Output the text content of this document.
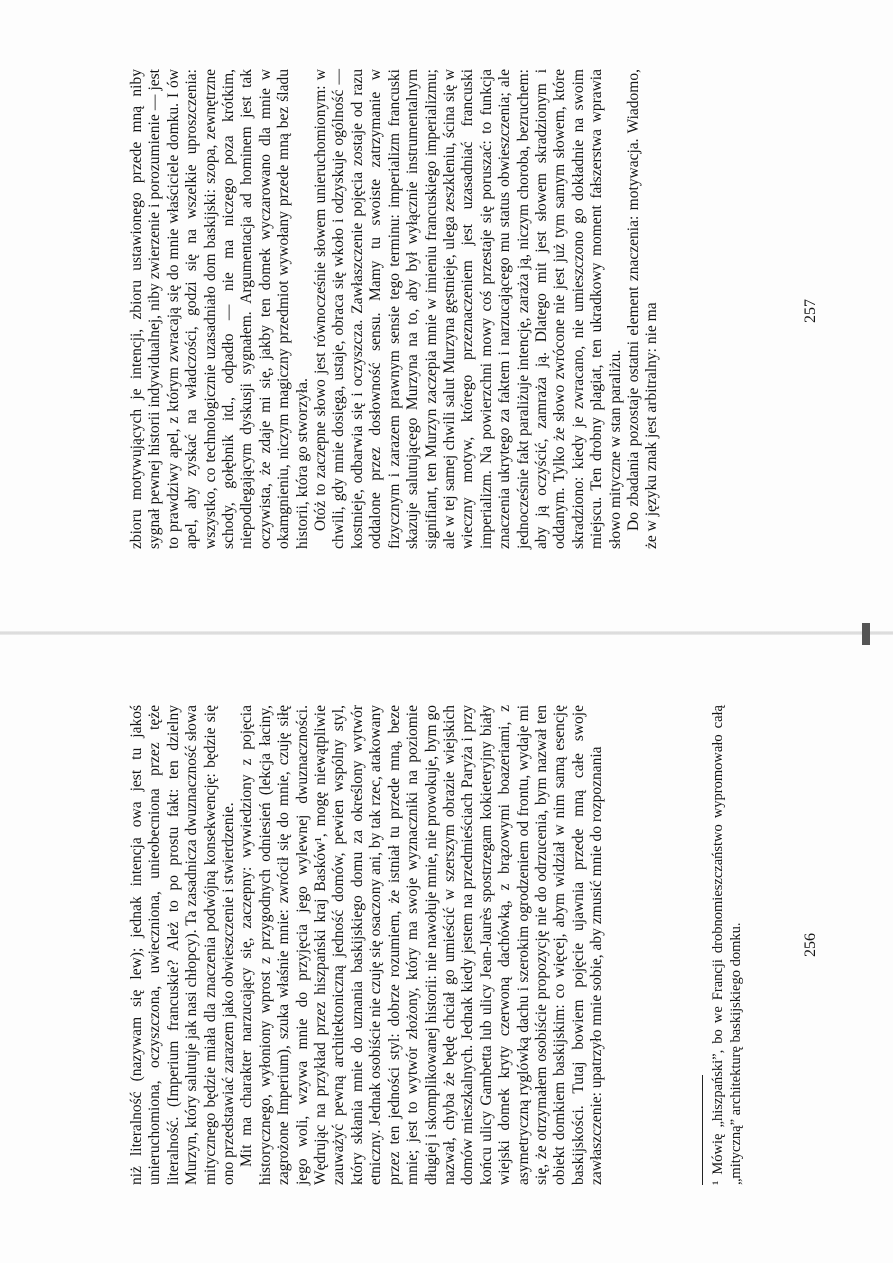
niż literalność (nazywam się lew); jednak intencja owa jest tu jakoś unieruchomiona, oczyszczona, uwieczniona, unieobecniona przez tęże literalność. (Imperium francuskie? Ależ to po prostu fakt: ten dzielny Murzyn, który salutuje jak nasi chłopcy). Ta zasadnicza dwuznaczność słowa mitycznego będzie miała dla znaczenia podwójną konsekwencję: będzie się ono przedstawiać zarazem jako obwieszczenie i stwierdzenie. Mit ma charakter narzucający się, zaczepny: wywiedziony z pojęcia historycznego, wyłoniony wprost z przygodnych odniesień (lekcja łaciny, zagrożone Imperium), szuka właśnie mnie: zwrócił się do mnie, czuję siłę jego woli, wzywa mnie do przyjęcia jego wylewnej dwuznaczności. Wędrując na przykład przez hiszpański kraj Basków¹, mogę niewątpliwie zauważyć pewną architektoniczną jedność domów, pewien wspólny styl, który skłania mnie do uznania baskijskiego domu za określony wytwór etniczny. Jednak osobiście nie czuję się osaczony ani, by tak rzec, atakowany przez ten jedności styl: dobrze rozumiem, że istniał tu przede mną, beze mnie; jest to wytwór złożony, który ma swoje wyznaczniki na poziomie długiej i skomplikowanej historii: nie nawołuje mnie, nie prowokuje, bym go nazwał, chyba że będę chciał go umieścić w szerszym obrazie wiejskich domów mieszkalnych. Jednak kiedy jestem na przedmieściach Paryża i przy końcu ulicy Gambetta lub ulicy Jean-Jaurès spostrzegam kokieteryjny biały wiejski domek kryty czerwoną dachówką, z brązowymi boazeriami, z asymetryczną ryglówką dachu i szerokim ogrodzeniem od frontu, wydaje mi się, że otrzymałem osobiście propozycję nie do odrzucenia, bym nazwał ten obiekt domkiem baskijskim: co więcej, abym widział w nim samą esencję baskijskości. Tutaj bowiem pojęcie ujawnia przede mną całe swoje zawłaszczenie: upatrzyło mnie sobie, aby zmusić mnie do rozpoznania	¹ Mówię „hiszpański”, bo we Francji drobnomieszczaństwo wypromowało całą „mityczną” architekturę baskijskiego domku.	256

zbioru motywujących je intencji, zbioru ustawionego przede mną niby sygnał pewnej historii indywidualnej, niby zwierzenie i porozumienie — jest to prawdziwy apel, z którym zwracają się do mnie właściciele domku. I ów apel, aby zyskać na władczości, godzi się na wszelkie uproszczenia: wszystko, co technologicznie uzasadniało dom baskijski: szopa, zewnętrzne schody, gołębnik itd., odpadło — nie ma niczego poza krótkim, niepodlegającym dyskusji sygnałem. Argumentacja ad hominem jest tak oczywista, że zdaje mi się, jakby ten domek wyczarowano dla mnie w okamgnieniu, niczym magiczny przedmiot wywołany przede mną bez śladu historii, która go stworzyła. Otóż to zaczepne słowo jest równocześnie słowem unieruchomionym: w chwili, gdy mnie dosięga, ustaje, obraca się wkoło i odzyskuje ogólność — kostnieje, odbarwia się i oczyszcza. Zawłaszczenie pojęcia zostaje od razu oddalone przez dosłowność sensu. Mamy tu swoiste zatrzymanie w fizycznym i zarazem prawnym sensie tego terminu: imperializm francuski skazuje salutującego Murzyna na to, aby był wyłącznie instrumentalnym signifiant, ten Murzyn zaczepia mnie w imieniu francuskiego imperializmu; ale w tej samej chwili salut Murzyna gęstnieje, ulega zeszkleniu, ścina się w wieczny motyw, którego przeznaczeniem jest uzasadniać francuski imperializm. Na powierzchni mowy coś przestaje się poruszać: to funkcja znaczenia ukrytego za faktem i narzucającego mu status obwieszczenia; ale jednocześnie fakt paraliżuje intencję, zaraża ją, niczym choroba, bezruchem: aby ją oczyścić, zamraża ją. Dlatego mit jest słowem skradzionym i oddanym. Tylko że słowo zwrócone nie jest już tym samym słowem, które skradziono: kiedy je zwracano, nie umieszczono go dokładnie na swoim miejscu. Ten drobny plagiat, ten ukradkowy moment fałszerstwa wprawia słowo mityczne w stan paraliżu. Do zbadania pozostaje ostatni element znaczenia: motywacja. Wiadomo, że w języku znak jest arbitralny: nie ma	257
